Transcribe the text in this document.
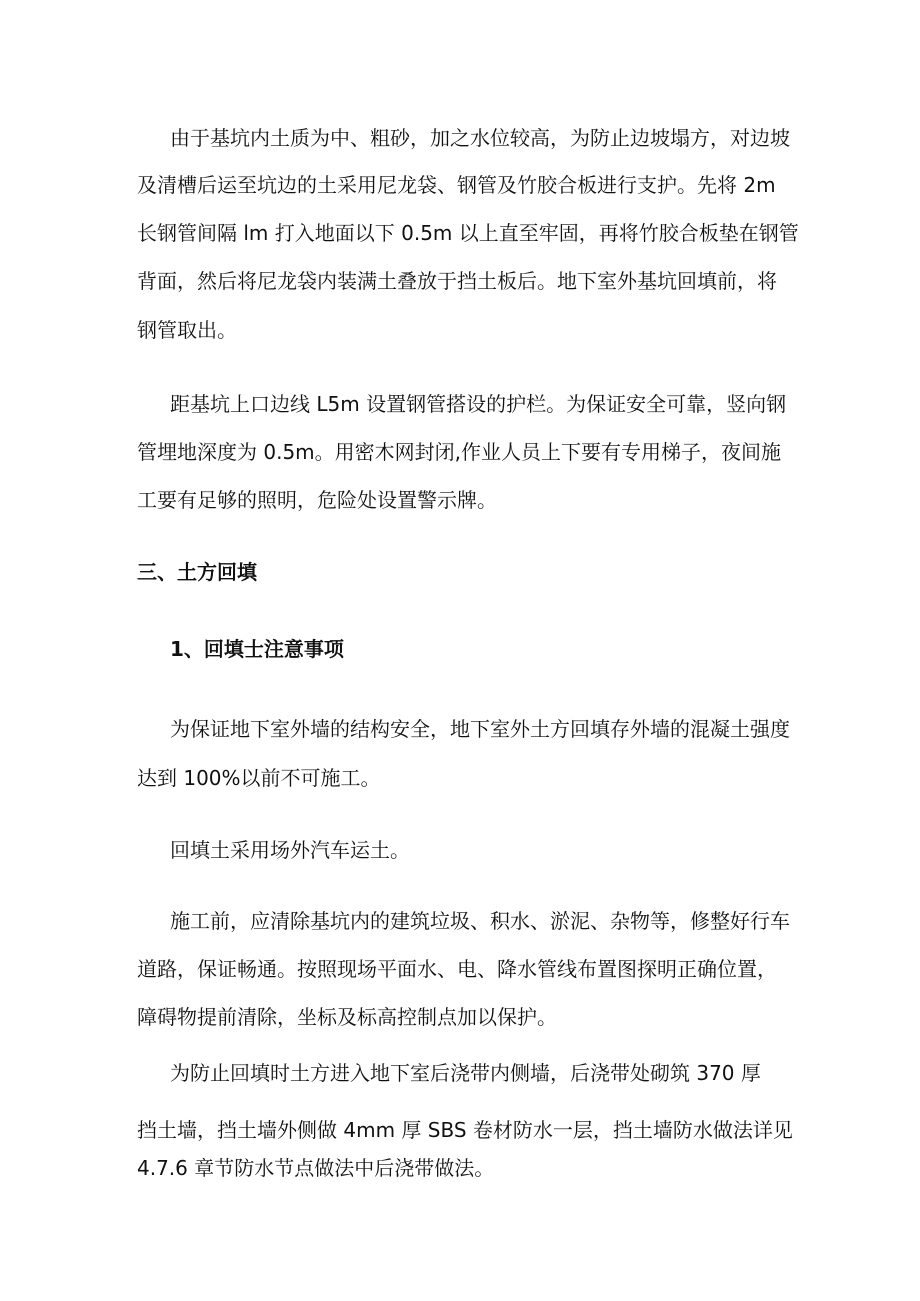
由于基坑内土质为中、粗砂，加之水位较高，为防止边坡塌方，对边坡
及清槽后运至坑边的土采用尼龙袋、钢管及竹胶合板进行支护。先将 2m
长钢管间隔 lm 打入地面以下 0.5m 以上直至牢固，再将竹胶合板垫在钢管
背面，然后将尼龙袋内装满土叠放于挡土板后。地下室外基坑回填前，将
钢管取出。
距基坑上口边线 L5m 设置钢管搭设的护栏。为保证安全可靠，竖向钢
管埋地深度为 0.5m。用密木网封闭,作业人员上下要有专用梯子，夜间施
工要有足够的照明，危险处设置警示牌。
三、土方回填
1、回填士注意事项
为保证地下室外墙的结构安全，地下室外土方回填存外墙的混凝土强度
达到 100%以前不可施工。
回填土采用场外汽车运土。
施工前，应清除基坑内的建筑垃圾、积水、淤泥、杂物等，修整好行车
道路，保证畅通。按照现场平面水、电、降水管线布置图探明正确位置，
障碍物提前清除，坐标及标高控制点加以保护。
为防止回填时土方进入地下室后浇带内侧墙，后浇带处砌筑 370 厚
挡土墙，挡土墙外侧做 4mm 厚 SBS 卷材防水一层，挡土墙防水做法详见
4.7.6 章节防水节点做法中后浇带做法。
